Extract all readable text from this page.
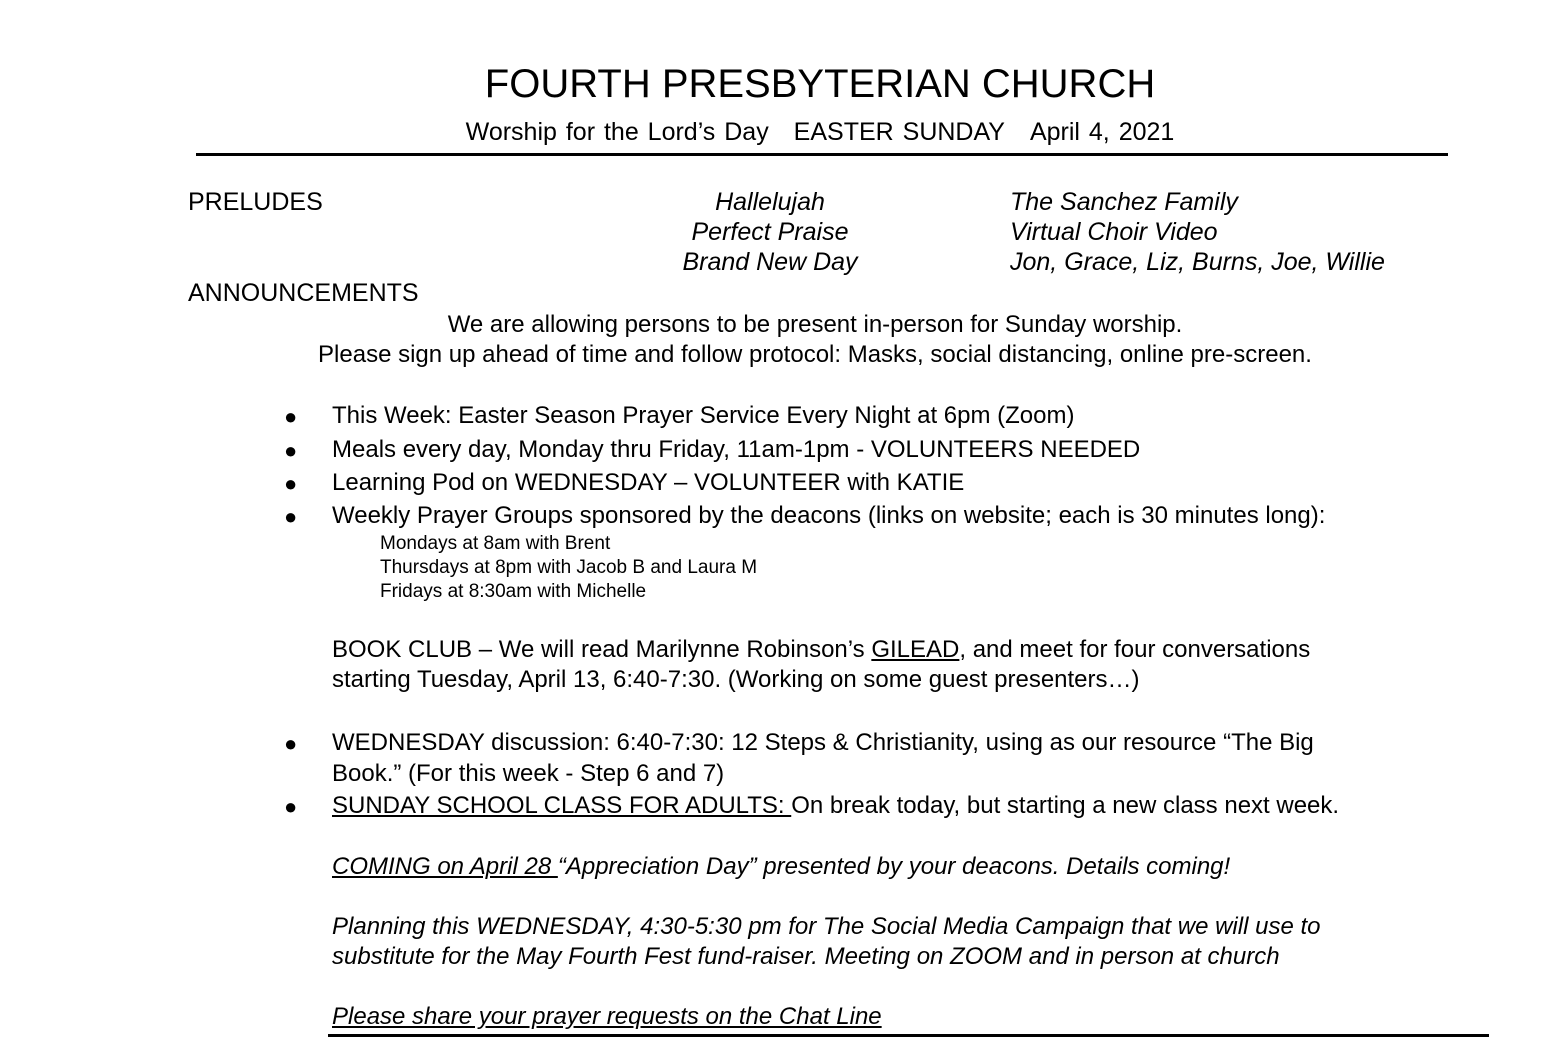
FOURTH PRESBYTERIAN CHURCH
Worship for the Lord’s Day EASTER SUNDAY April 4, 2021
PRELUDES	Hallelujah	The Sanchez Family
Perfect Praise	Virtual Choir Video
Brand New Day	Jon, Grace, Liz, Burns, Joe, Willie
ANNOUNCEMENTS
We are allowing persons to be present in-person for Sunday worship.
Please sign up ahead of time and follow protocol: Masks, social distancing, online pre-screen.
● This Week: Easter Season Prayer Service Every Night at 6pm (Zoom)
● Meals every day, Monday thru Friday, 11am-1pm - VOLUNTEERS NEEDED
● Learning Pod on WEDNESDAY – VOLUNTEER with KATIE
● Weekly Prayer Groups sponsored by the deacons (links on website; each is 30 minutes long):
Mondays at 8am with Brent
Thursdays at 8pm with Jacob B and Laura M
Fridays at 8:30am with Michelle
BOOK CLUB – We will read Marilynne Robinson’s GILEAD, and meet for four conversations
starting Tuesday, April 13, 6:40-7:30. (Working on some guest presenters…)
● WEDNESDAY discussion: 6:40-7:30: 12 Steps & Christianity, using as our resource “The Big
Book.” (For this week - Step 6 and 7)
● SUNDAY SCHOOL CLASS FOR ADULTS: On break today, but starting a new class next week.
COMING on April 28 “Appreciation Day” presented by your deacons. Details coming!
Planning this WEDNESDAY, 4:30-5:30 pm for The Social Media Campaign that we will use to
substitute for the May Fourth Fest fund-raiser. Meeting on ZOOM and in person at church
Please share your prayer requests on the Chat Line
